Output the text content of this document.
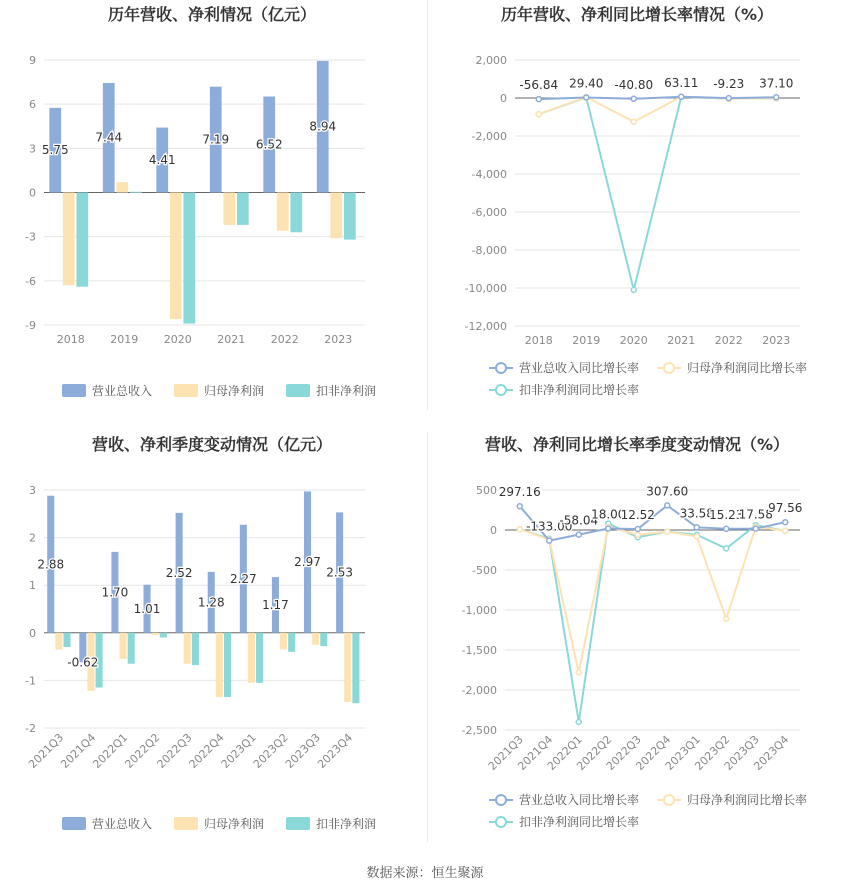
历年营收、净利情况（亿元）
9
6
3
0
-3
-6
-9
2018 2019 2020 2021 2022 2023
5.75
7.44
4.41
7.19 6.52
8.94
营业总收入	归母净利润	扣非净利润
历年营收、净利同比增长率情况（%）
2,000
0
-2,000
-4,000
-6,000
-8,000
-10,000
-12,000
2018 2019 2020 2021 2022 2023
-56.84 29.40 -40.80 63.11 -9.23 37.10
营业总收入同比增长率	归母净利润同比增长率
扣非净利润同比增长率
营收、净利季度变动情况（亿元）
3
2
1
0
-1
-2
2021Q3
2021Q4
2022Q1
2022Q2
2022Q3
2022Q4
2023Q1
2023Q2
2023Q3
2023Q4
2.88
-0.62
1.70
1.01
2.52
1.28
2.27
1.17
2.97
2.53
营业总收入	归母净利润	扣非净利润
营收、净利同比增长率季度变动情况（%）
500
0
-500
-1,000
-1,500
-2,000
-2,500
2021Q3
2021Q4
2022Q1
2022Q2
2022Q3
2022Q4
2023Q1
2023Q2
2023Q3
2023Q4
297.16
-133.00
-58.04
18.00
12.52
307.60
33.58
15.23
17.58
97.56
营业总收入同比增长率	归母净利润同比增长率
扣非净利润同比增长率
数据来源：恒生聚源
